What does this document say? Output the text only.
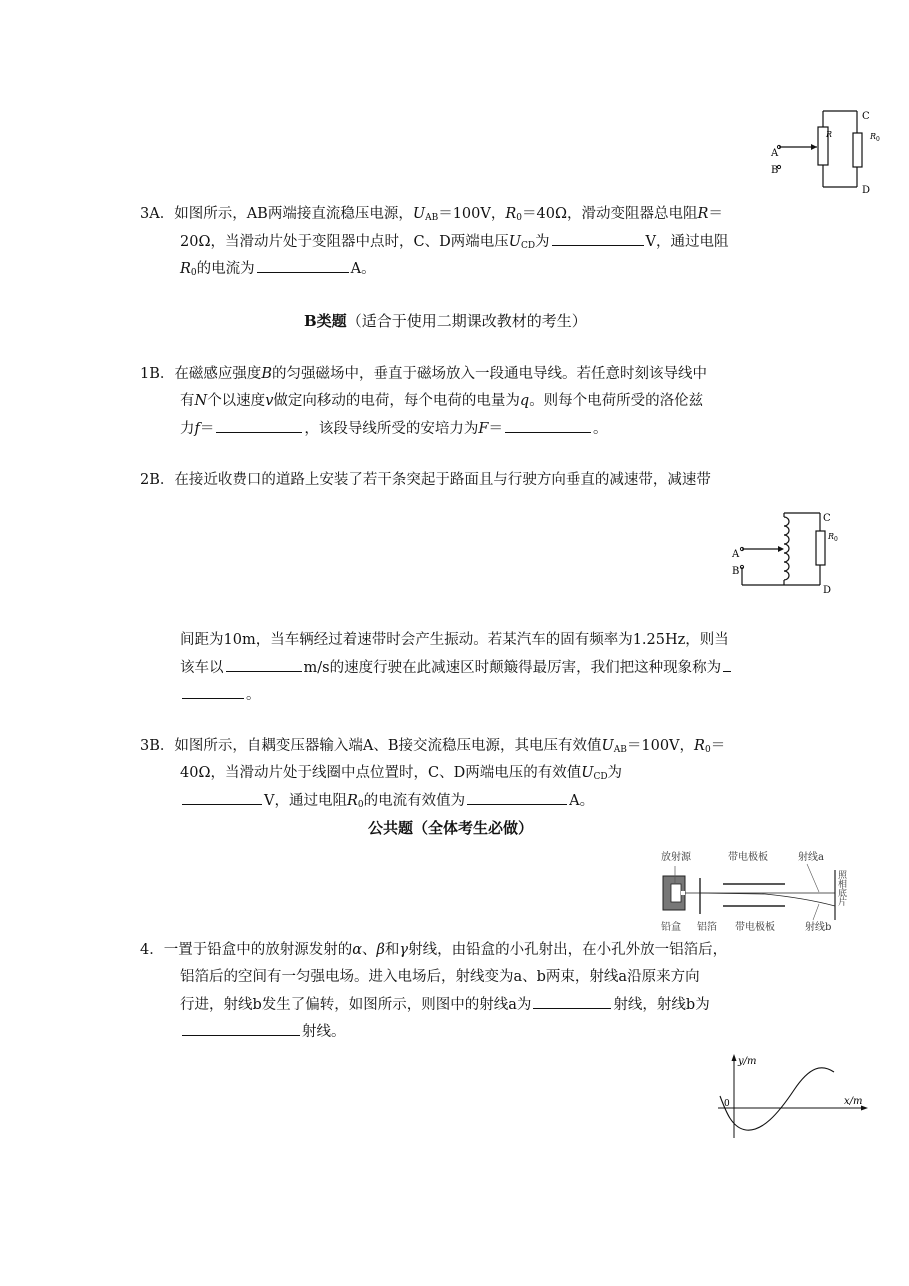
A
B
C
D
R	$R_0$
3A．如图所示，AB两端接直流稳压电源，$U_{AB}=100V$，$R_0=40\Omega$，滑动变阻器总电阻R＝
20Ω，当滑动片处于变阻器中点时，C、D两端电压$U_{CD}$为	V，通过电阻
$R_0$的电流为	A。
B类题（适合于使用二期课改教材的考生）
1B．在磁感应强度B的匀强磁场中，垂直于磁场放入一段通电导线。若任意时刻该导线中
有N个以速度v做定向移动的电荷，每个电荷的电量为q。则每个电荷所受的洛伦兹
力f＝	，该段导线所受的安培力为F＝	。
2B．在接近收费口的道路上安装了若干条突起于路面且与行驶方向垂直的减速带，减速带
A
B
C
D
$R_0$
间距为10m，当车辆经过着速带时会产生振动。若某汽车的固有频率为1.25Hz，则当
该车以	m/s的速度行驶在此减速区时颠簸得最厉害，我们把这种现象称为
。
3B．如图所示，自耦变压器输入端A、B接交流稳压电源，其电压有效值$U_{AB}=100V$，$R_0=$
40Ω，当滑动片处于线圈中点位置时，C、D两端电压的有效值$U_{CD}$为
V，通过电阻$R_0$的电流有效值为	A。
公共题（全体考生必做）
放射源	带电极板	射线a
铅盒 铝箔 带电极板	射线b
照相底片
4．一置于铅盒中的放射源发射的α、β和γ射线，由铅盒的小孔射出，在小孔外放一铝箔后，
铝箔后的空间有一匀强电场。进入电场后，射线变为a、b两束，射线a沿原来方向
行进，射线b发生了偏转，如图所示，则图中的射线a为	射线，射线b为
射线。
y/m
x/m
0
